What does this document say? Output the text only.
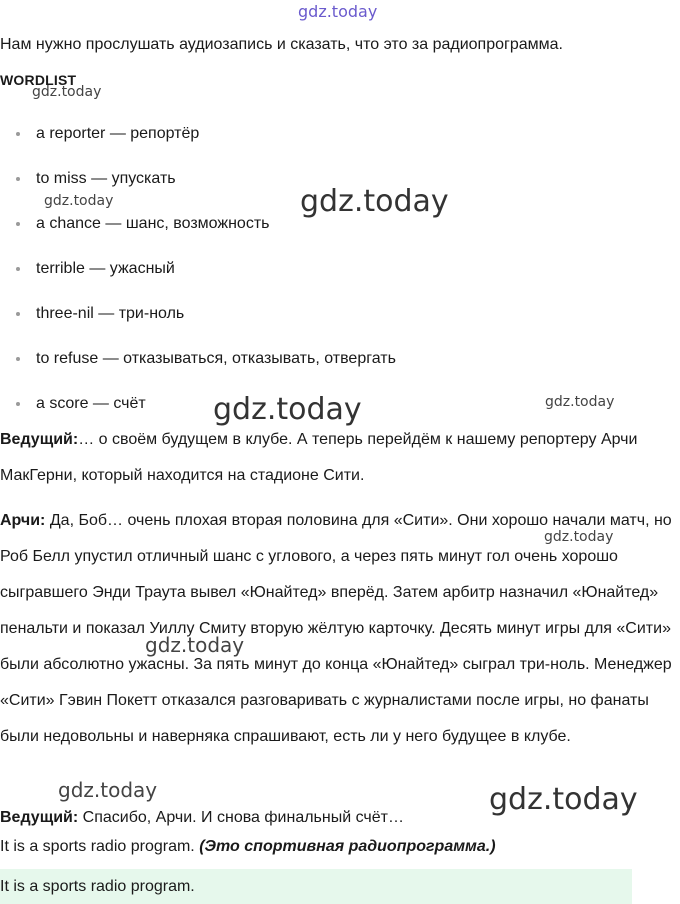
gdz.today
Нам нужно прослушать аудиозапись и сказать, что это за радиопрограмма.
WORDLIST
a reporter — репортёр
to miss — упускать
a chance — шанс, возможность
terrible — ужасный
three-nil — три-ноль
to refuse — отказываться, отказывать, отвергать
a score — счёт
Ведущий:… о своём будущем в клубе. А теперь перейдём к нашему репортеру Арчи МакГерни, который находится на стадионе Сити.
Арчи: Да, Боб… очень плохая вторая половина для «Сити». Они хорошо начали матч, но Роб Белл упустил отличный шанс с углового, а через пять минут гол очень хорошо сыгравшего Энди Траута вывел «Юнайтед» вперёд. Затем арбитр назначил «Юнайтед» пенальти и показал Уиллу Смиту вторую жёлтую карточку. Десять минут игры для «Сити» были абсолютно ужасны. За пять минут до конца «Юнайтед» сыграл три-ноль. Менеджер «Сити» Гэвин Покетт отказался разговаривать с журналистами после игры, но фанаты были недовольны и наверняка спрашивают, есть ли у него будущее в клубе.
Ведущий: Спасибо, Арчи. И снова финальный счёт…
It is a sports radio program. (Это спортивная радиопрограмма.)
It is a sports radio program.
gdz.today
gdz.today	gdz.today
gdz.today	gdz.today
gdz.today
gdz.today
gdz.today	gdz.today
